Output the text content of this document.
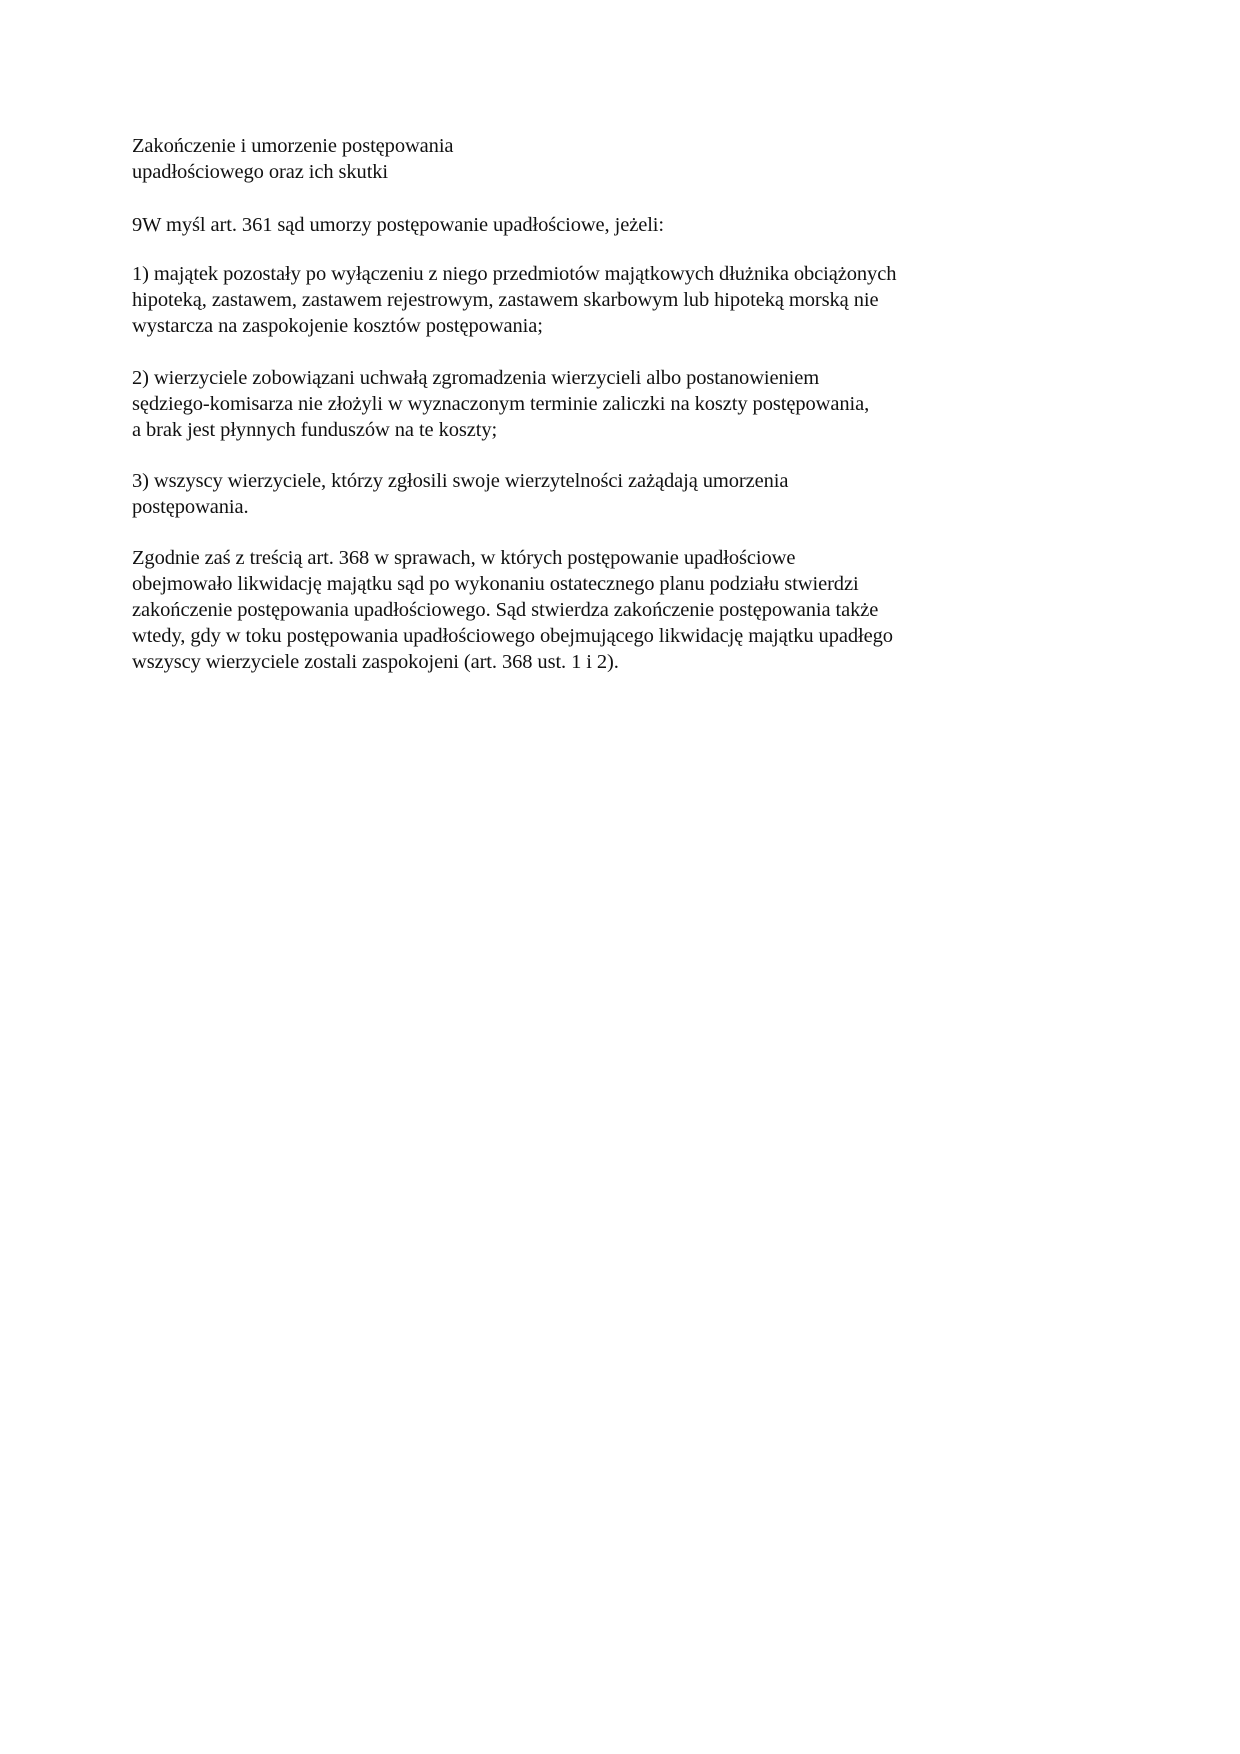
Zakończenie i umorzenie postępowania
upadłościowego oraz ich skutki
9W myśl art. 361 sąd umorzy postępowanie upadłościowe, jeżeli:
1) majątek pozostały po wyłączeniu z niego przedmiotów majątkowych dłużnika obciążonych
hipoteką, zastawem, zastawem rejestrowym, zastawem skarbowym lub hipoteką morską nie
wystarcza na zaspokojenie kosztów postępowania;
2) wierzyciele zobowiązani uchwałą zgromadzenia wierzycieli albo postanowieniem
sędziego-komisarza nie złożyli w wyznaczonym terminie zaliczki na koszty postępowania,
a brak jest płynnych funduszów na te koszty;
3) wszyscy wierzyciele, którzy zgłosili swoje wierzytelności zażądają umorzenia
postępowania.
Zgodnie zaś z treścią art. 368 w sprawach, w których postępowanie upadłościowe
obejmowało likwidację majątku sąd po wykonaniu ostatecznego planu podziału stwierdzi
zakończenie postępowania upadłościowego. Sąd stwierdza zakończenie postępowania także
wtedy, gdy w toku postępowania upadłościowego obejmującego likwidację majątku upadłego
wszyscy wierzyciele zostali zaspokojeni (art. 368 ust. 1 i 2).
